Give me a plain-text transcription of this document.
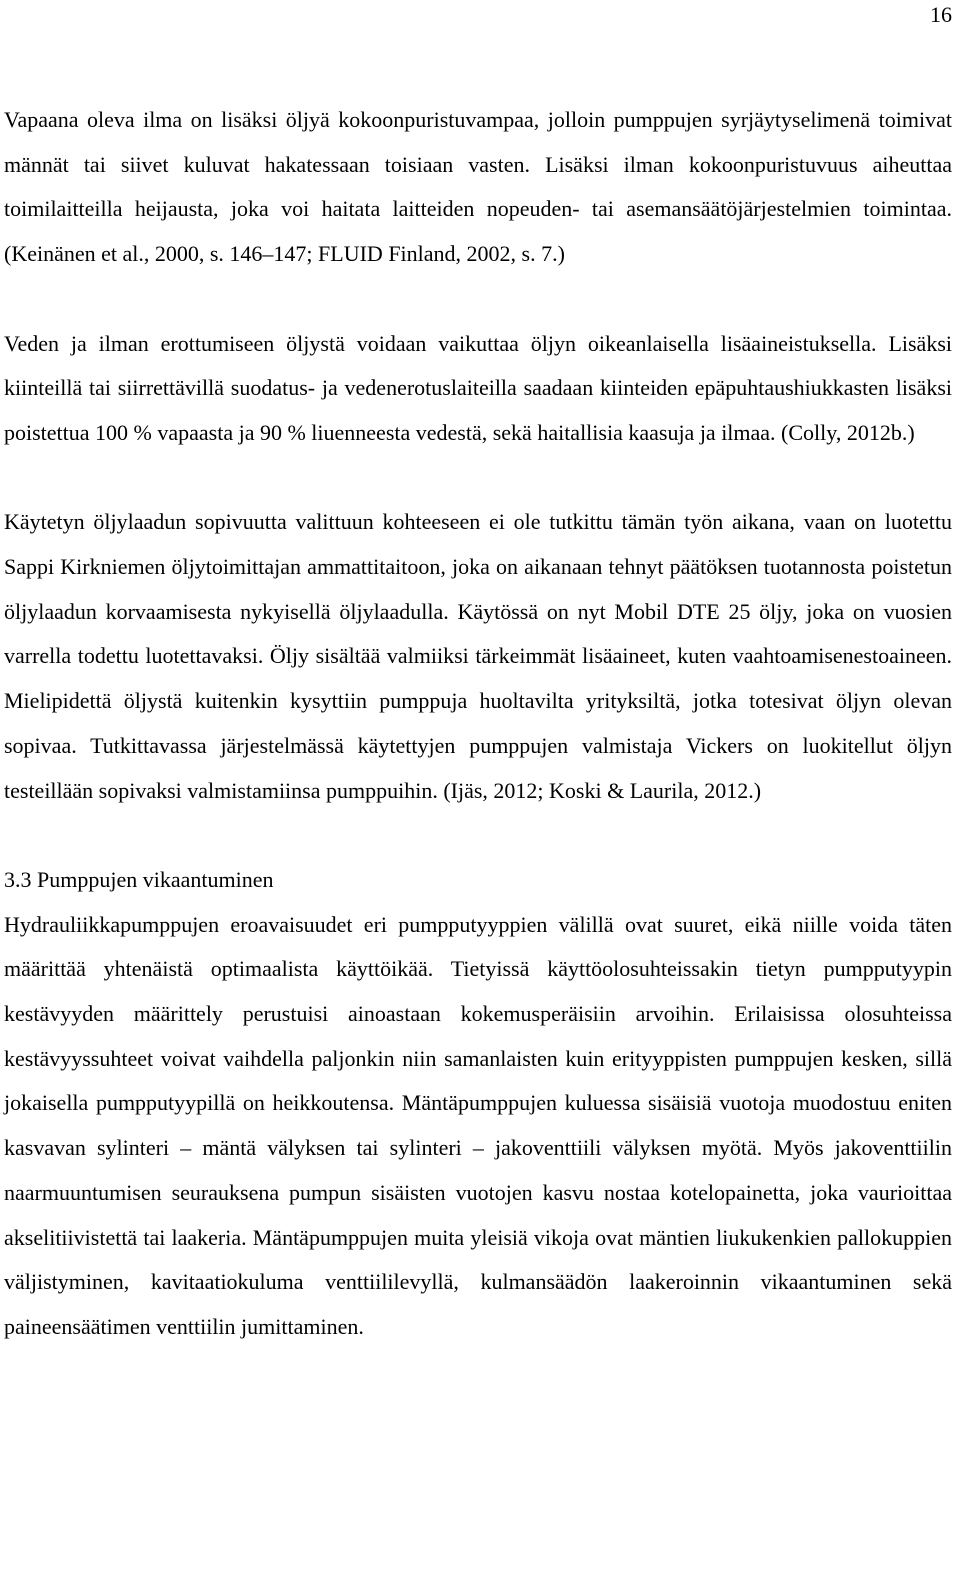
16

Vapaana oleva ilma on lisäksi öljyä kokoonpuristuvampaa, jolloin pumppujen syrjäytyselimenä toimivat männät tai siivet kuluvat hakatessaan toisiaan vasten. Lisäksi ilman kokoonpuristuvuus aiheuttaa toimilaitteilla heijausta, joka voi haitata laitteiden nopeuden- tai asemansäätöjärjestelmien toimintaa. (Keinänen et al., 2000, s. 146–147; FLUID Finland, 2002, s. 7.)

Veden ja ilman erottumiseen öljystä voidaan vaikuttaa öljyn oikeanlaisella lisäaineistuksella. Lisäksi kiinteillä tai siirrettävillä suodatus- ja vedenerotuslaiteilla saadaan kiinteiden epäpuhtaushiukkasten lisäksi poistettua 100 % vapaasta ja 90 % liuenneesta vedestä, sekä haitallisia kaasuja ja ilmaa. (Colly, 2012b.)

Käytetyn öljylaadun sopivuutta valittuun kohteeseen ei ole tutkittu tämän työn aikana, vaan on luotettu Sappi Kirkniemen öljytoimittajan ammattitaitoon, joka on aikanaan tehnyt päätöksen tuotannosta poistetun öljylaadun korvaamisesta nykyisellä öljylaadulla. Käytössä on nyt Mobil DTE 25 öljy, joka on vuosien varrella todettu luotettavaksi. Öljy sisältää valmiiksi tärkeimmät lisäaineet, kuten vaahtoamisenestoaineen. Mielipidettä öljystä kuitenkin kysyttiin pumppuja huoltavilta yrityksiltä, jotka totesivat öljyn olevan sopivaa. Tutkittavassa järjestelmässä käytettyjen pumppujen valmistaja Vickers on luokitellut öljyn testeillään sopivaksi valmistamiinsa pumppuihin. (Ijäs, 2012; Koski & Laurila, 2012.)

3.3 Pumppujen vikaantuminen

Hydrauliikkapumppujen eroavaisuudet eri pumpputyyppien välillä ovat suuret, eikä niille voida täten määrittää yhtenäistä optimaalista käyttöikää. Tietyissä käyttöolosuhteissakin tietyn pumpputyypin kestävyyden määrittely perustuisi ainoastaan kokemusperäisiin arvoihin. Erilaisissa olosuhteissa kestävyyssuhteet voivat vaihdella paljonkin niin samanlaisten kuin erityyppisten pumppujen kesken, sillä jokaisella pumpputyypillä on heikkoutensa. Mäntäpumppujen kuluessa sisäisiä vuotoja muodostuu eniten kasvavan sylinteri – mäntä välyksen tai sylinteri – jakoventtiili välyksen myötä. Myös jakoventtiilin naarmuuntumisen seurauksena pumpun sisäisten vuotojen kasvu nostaa kotelopainetta, joka vaurioittaa akselitiivistettä tai laakeria. Mäntäpumppujen muita yleisiä vikoja ovat mäntien liukukenkien pallokuppien väljistyminen, kavitaatiokuluma venttiililevyllä, kulmansäädön laakeroinnin vikaantuminen sekä paineensäätimen venttiilin jumittaminen.
